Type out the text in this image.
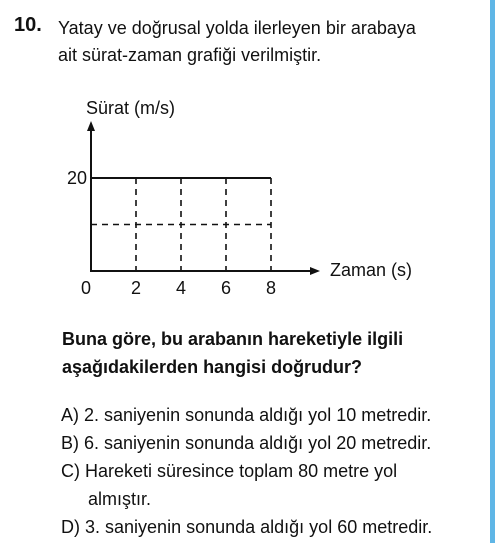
10. Yatay ve doğrusal yolda ilerleyen bir arabaya
ait sürat-zaman grafiği verilmiştir.
Sürat (m/s)
Zaman (s)
0 2 4 6 8
20
Buna göre, bu arabanın hareketiyle ilgili
aşağıdakilerden hangisi doğrudur?
A) 2. saniyenin sonunda aldığı yol 10 metredir.
B) 6. saniyenin sonunda aldığı yol 20 metredir.
C) Hareketi süresince toplam 80 metre yol
almıştır.
D) 3. saniyenin sonunda aldığı yol 60 metredir.
